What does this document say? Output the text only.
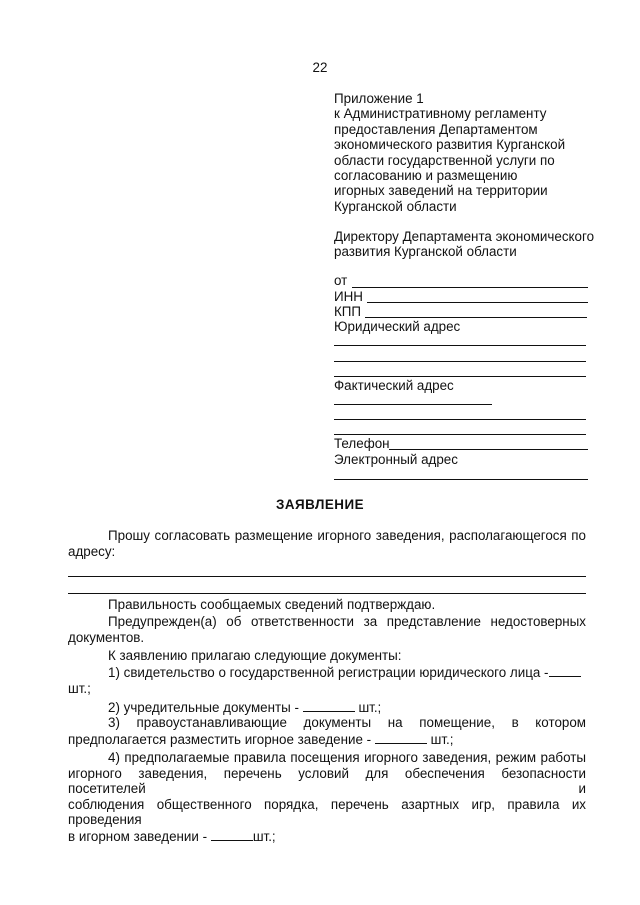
22
Приложение 1
к Административному регламенту
предоставления Департаментом
экономического развития Курганской
области государственной услуги по
согласованию и размещению
игорных заведений на территории
Курганской области
Директору Департамента экономического
развития Курганской области
от
ИНН
КПП
Юридический адрес
Фактический адрес
Телефон
Электронный адрес
ЗАЯВЛЕНИЕ
Прошу согласовать размещение игорного заведения, располагающегося по
адресу:
Правильность сообщаемых сведений подтверждаю.
Предупрежден(а) об ответственности за представление недостоверных
документов.
К заявлению прилагаю следующие документы:
1) свидетельство о государственной регистрации юридического лица -
шт.;
2) учредительные документы -	шт.;
3) правоустанавливающие документы на помещение, в котором
предполагается разместить игорное заведение -	шт.;
4) предполагаемые правила посещения игорного заведения, режим работы
игорного заведения, перечень условий для обеспечения безопасности посетителей и
соблюдения общественного порядка, перечень азартных игр, правила их проведения
в игорном заведении -	шт.;
